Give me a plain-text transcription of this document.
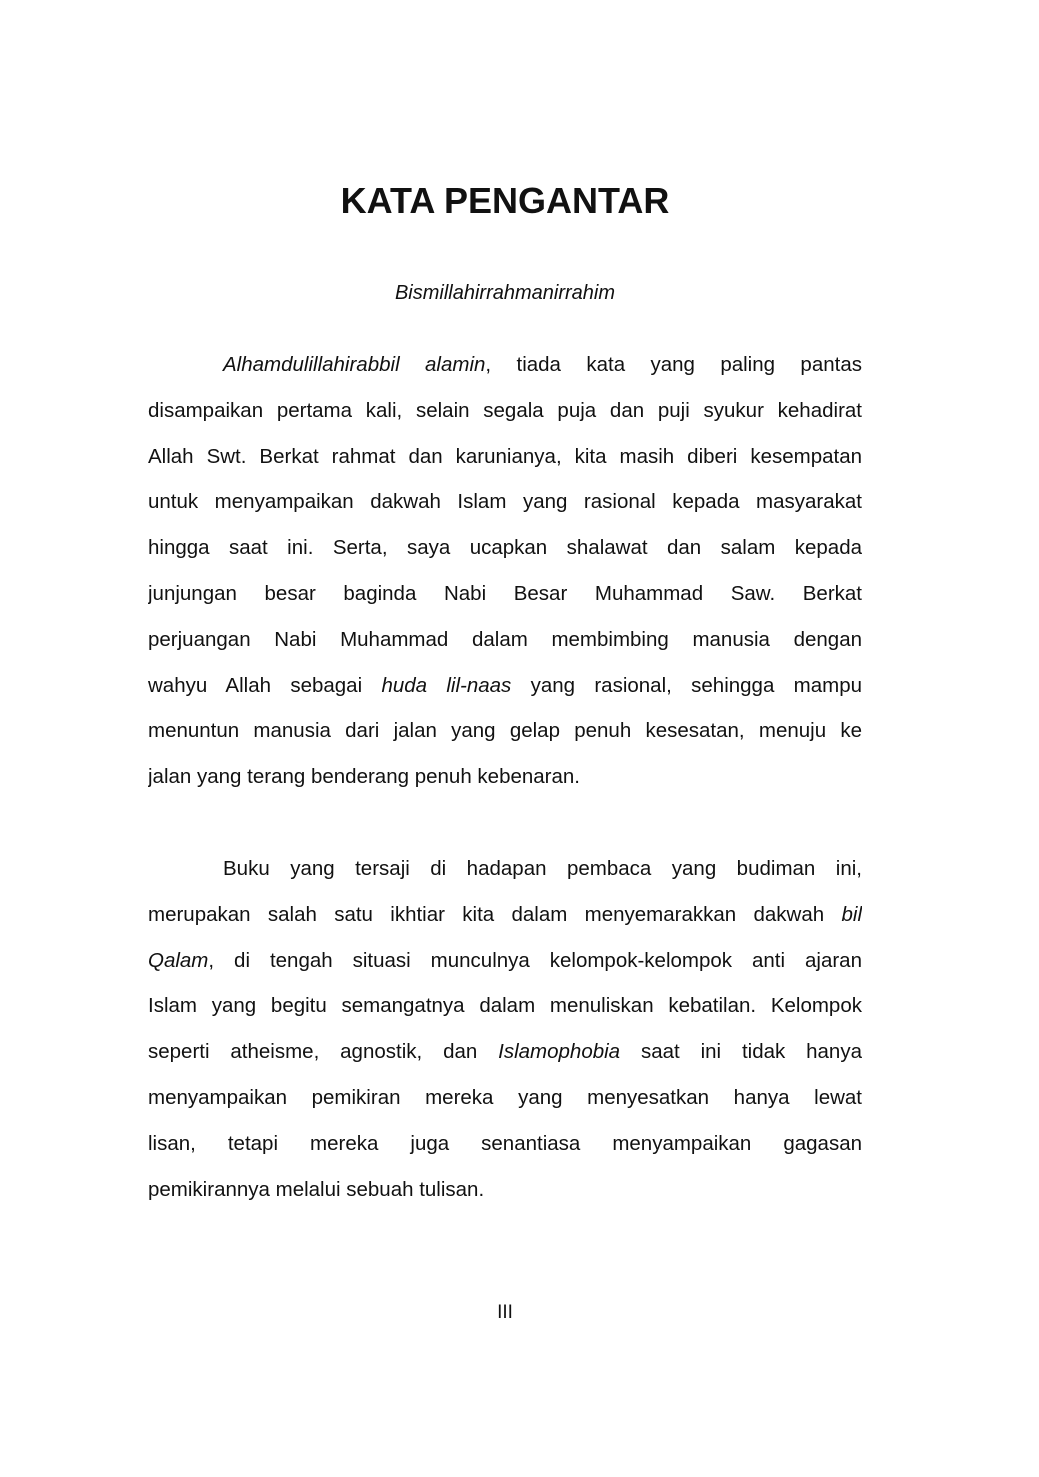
KATA PENGANTAR
Bismillahirrahmanirrahim
Alhamdulillahirabbil alamin, tiada kata yang paling pantas
disampaikan pertama kali, selain segala puja dan puji syukur kehadirat
Allah Swt. Berkat rahmat dan karunianya, kita masih diberi kesempatan
untuk menyampaikan dakwah Islam yang rasional kepada masyarakat
hingga saat ini. Serta, saya ucapkan shalawat dan salam kepada
junjungan besar baginda Nabi Besar Muhammad Saw. Berkat
perjuangan Nabi Muhammad dalam membimbing manusia dengan
wahyu Allah sebagai huda lil-naas yang rasional, sehingga mampu
menuntun manusia dari jalan yang gelap penuh kesesatan, menuju ke
jalan yang terang benderang penuh kebenaran.
Buku yang tersaji di hadapan pembaca yang budiman ini,
merupakan salah satu ikhtiar kita dalam menyemarakkan dakwah bil
Qalam, di tengah situasi munculnya kelompok-kelompok anti ajaran
Islam yang begitu semangatnya dalam menuliskan kebatilan. Kelompok
seperti atheisme, agnostik, dan Islamophobia saat ini tidak hanya
menyampaikan pemikiran mereka yang menyesatkan hanya lewat
lisan, tetapi mereka juga senantiasa menyampaikan gagasan
pemikirannya melalui sebuah tulisan.
III
